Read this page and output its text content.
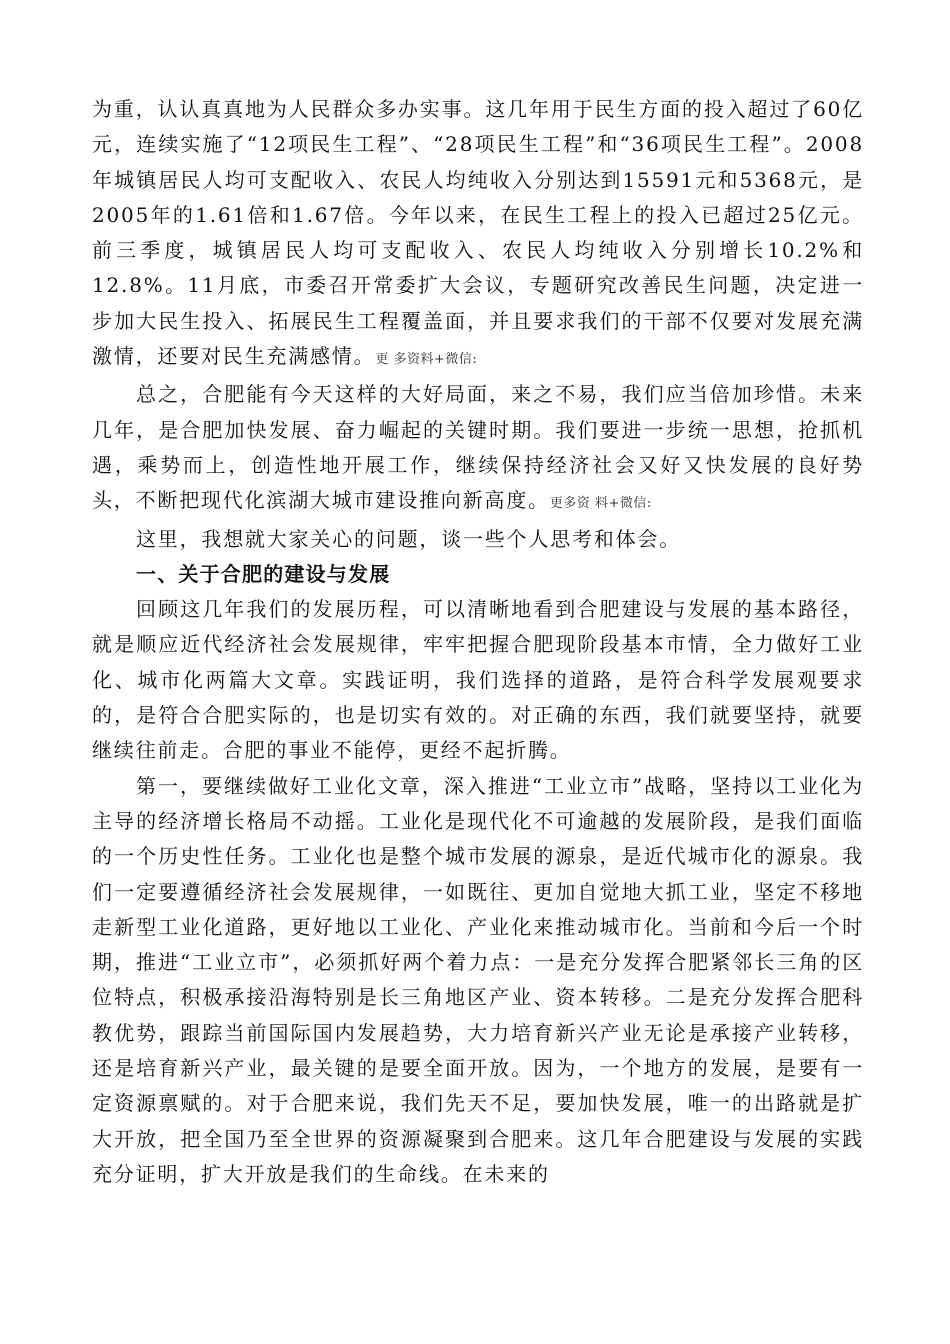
为重，认认真真地为人民群众多办实事。这几年用于民生方面的投入超过了60亿元，连续实施了“12项民生工程”、“28项民生工程”和“36项民生工程”。2008年城镇居民人均可支配收入、农民人均纯收入分别达到15591元和5368元，是2005年的1.61倍和1.67倍。今年以来，在民生工程上的投入已超过25亿元。前三季度，城镇居民人均可支配收入、农民人均纯收入分别增长10.2%和12.8%。11月底，市委召开常委扩大会议，专题研究改善民生问题，决定进一步加大民生投入、拓展民生工程覆盖面，并且要求我们的干部不仅要对发展充满激情，还要对民生充满感情。更 多资料+微信:

总之，合肥能有今天这样的大好局面，来之不易，我们应当倍加珍惜。未来几年，是合肥加快发展、奋力崛起的关键时期。我们要进一步统一思想，抢抓机遇，乘势而上，创造性地开展工作，继续保持经济社会又好又快发展的良好势头，不断把现代化滨湖大城市建设推向新高度。更多资 料+微信:

这里，我想就大家关心的问题，谈一些个人思考和体会。

一、关于合肥的建设与发展

回顾这几年我们的发展历程，可以清晰地看到合肥建设与发展的基本路径，就是顺应近代经济社会发展规律，牢牢把握合肥现阶段基本市情，全力做好工业化、城市化两篇大文章。实践证明，我们选择的道路，是符合科学发展观要求的，是符合合肥实际的，也是切实有效的。对正确的东西，我们就要坚持，就要继续往前走。合肥的事业不能停，更经不起折腾。

第一，要继续做好工业化文章，深入推进“工业立市”战略，坚持以工业化为主导的经济增长格局不动摇。工业化是现代化不可逾越的发展阶段，是我们面临的一个历史性任务。工业化也是整个城市发展的源泉，是近代城市化的源泉。我们一定要遵循经济社会发展规律，一如既往、更加自觉地大抓工业，坚定不移地走新型工业化道路，更好地以工业化、产业化来推动城市化。当前和今后一个时期，推进“工业立市”，必须抓好两个着力点：一是充分发挥合肥紧邻长三角的区位特点，积极承接沿海特别是长三角地区产业、资本转移。二是充分发挥合肥科教优势，跟踪当前国际国内发展趋势，大力培育新兴产业无论是承接产业转移，还是培育新兴产业，最关键的是要全面开放。因为，一个地方的发展，是要有一定资源禀赋的。对于合肥来说，我们先天不足，要加快发展，唯一的出路就是扩大开放，把全国乃至全世界的资源凝聚到合肥来。这几年合肥建设与发展的实践充分证明，扩大开放是我们的生命线。在未来的
